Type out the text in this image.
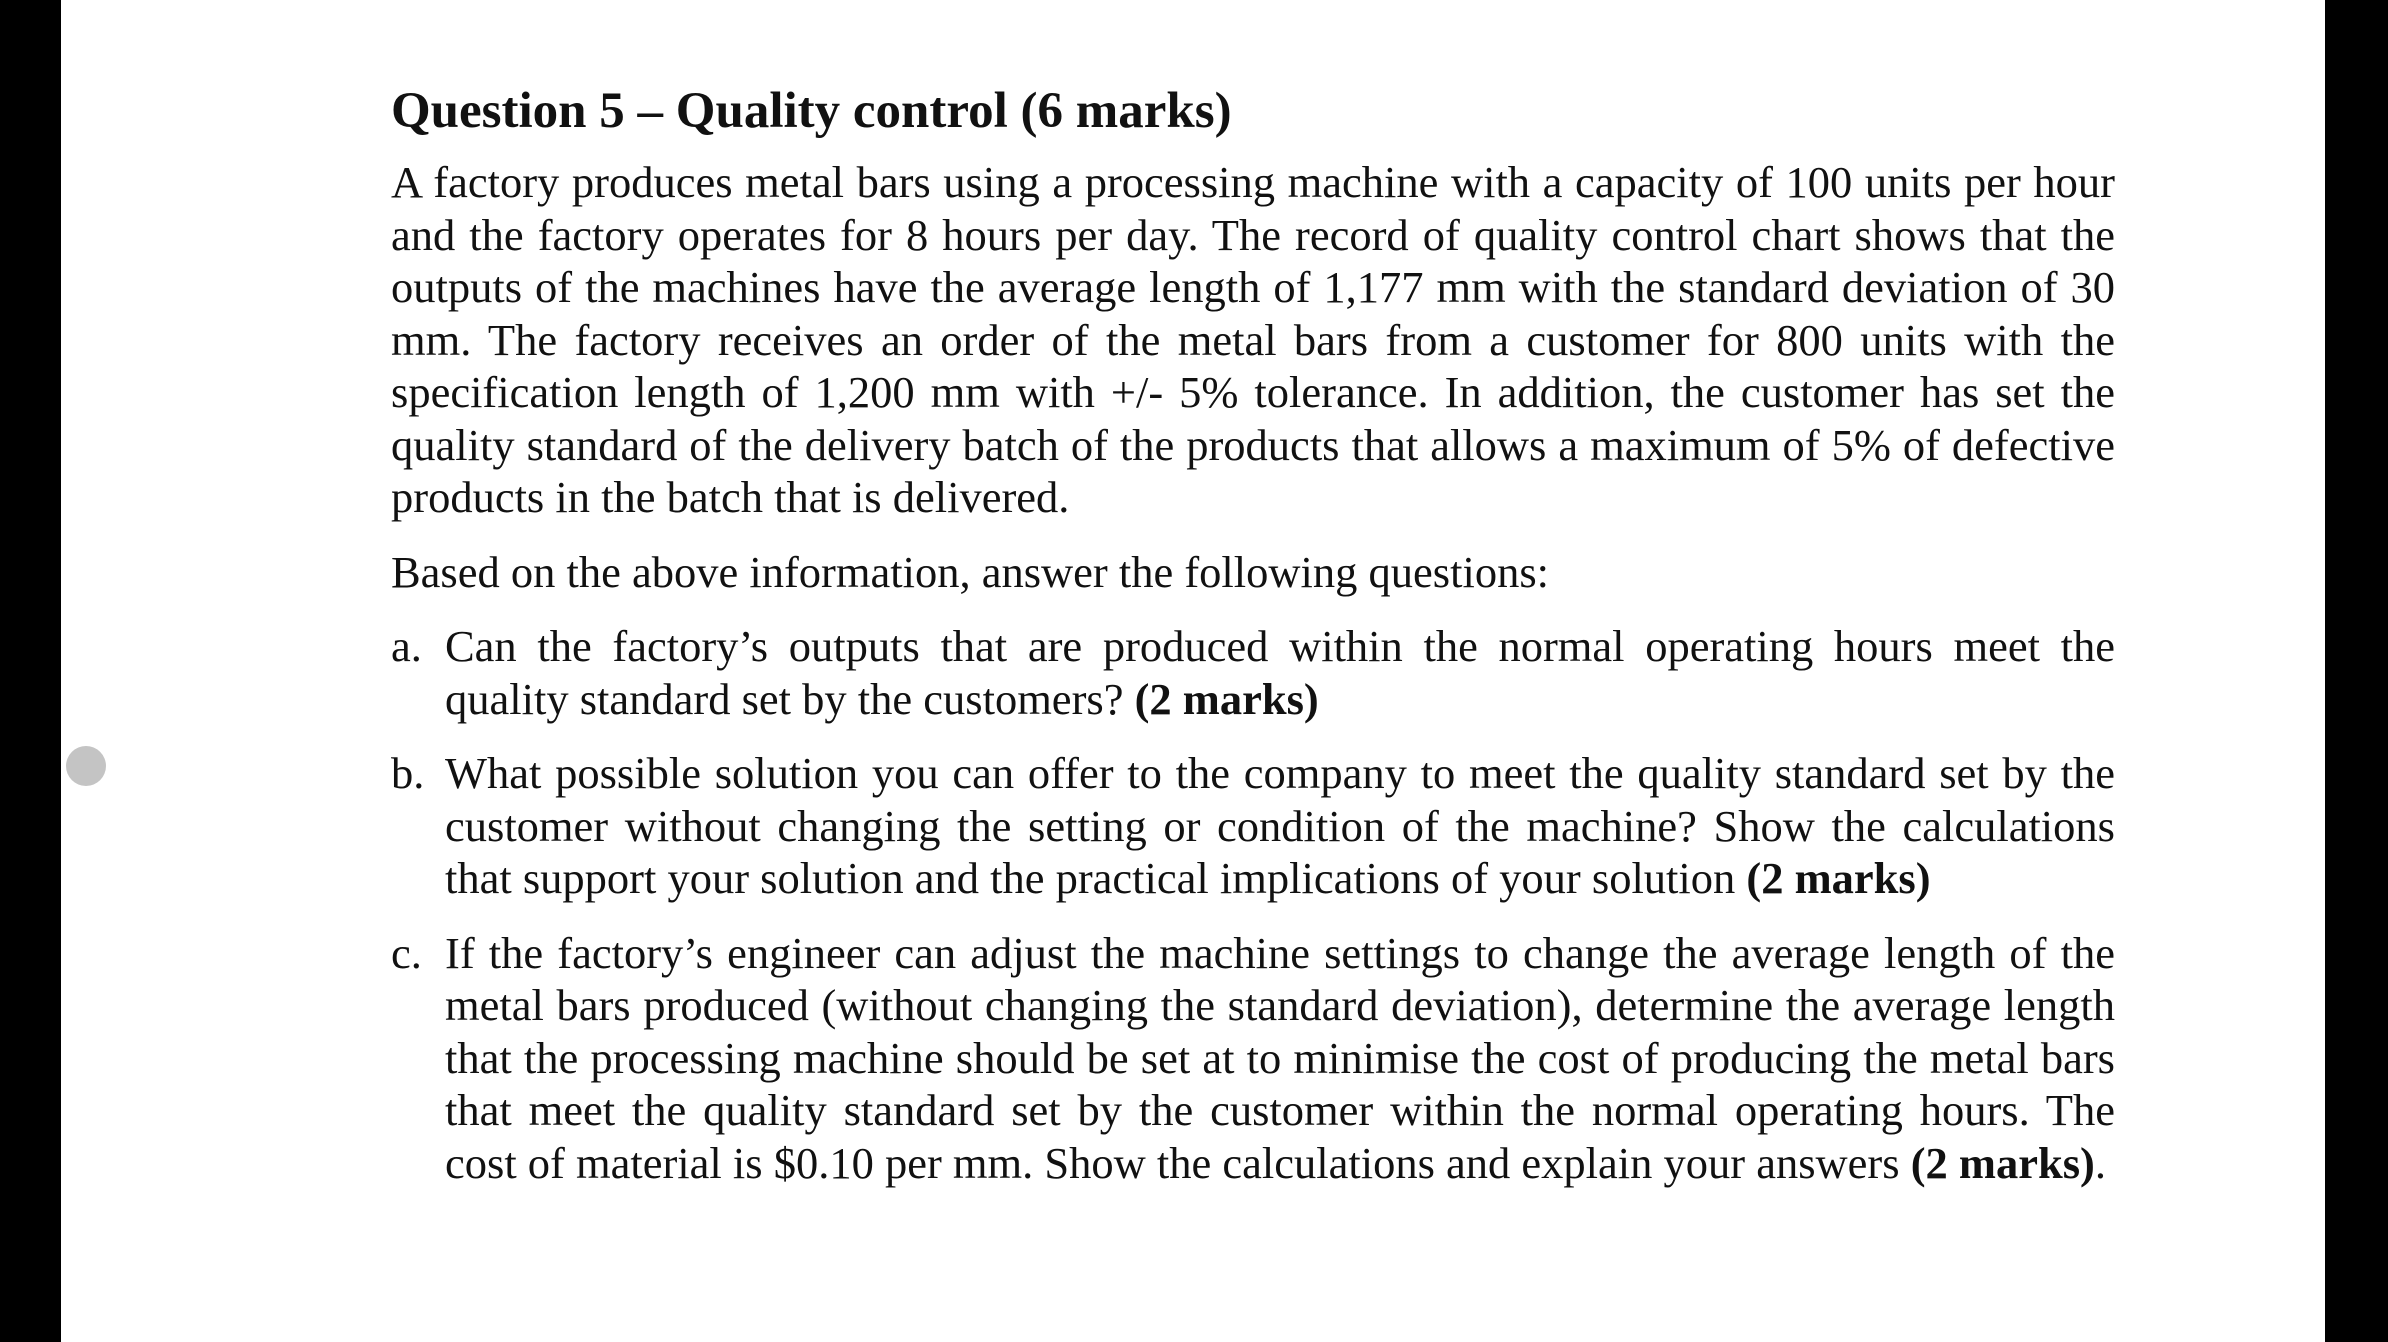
Question 5 – Quality control (6 marks)

A factory produces metal bars using a processing machine with a capacity of 100 units per hour and the factory operates for 8 hours per day. The record of quality control chart shows that the outputs of the machines have the average length of 1,177 mm with the standard deviation of 30 mm. The factory receives an order of the metal bars from a customer for 800 units with the specification length of 1,200 mm with +/- 5% tolerance. In addition, the customer has set the quality standard of the delivery batch of the products that allows a maximum of 5% of defective products in the batch that is delivered.

Based on the above information, answer the following questions:

a. Can the factory’s outputs that are produced within the normal operating hours meet the quality standard set by the customers? (2 marks)
b. What possible solution you can offer to the company to meet the quality standard set by the customer without changing the setting or condition of the machine? Show the calculations that support your solution and the practical implications of your solution (2 marks)
c. If the factory’s engineer can adjust the machine settings to change the average length of the metal bars produced (without changing the standard deviation), determine the average length that the processing machine should be set at to minimise the cost of producing the metal bars that meet the quality standard set by the customer within the normal operating hours. The cost of material is $0.10 per mm. Show the calculations and explain your answers (2 marks).
